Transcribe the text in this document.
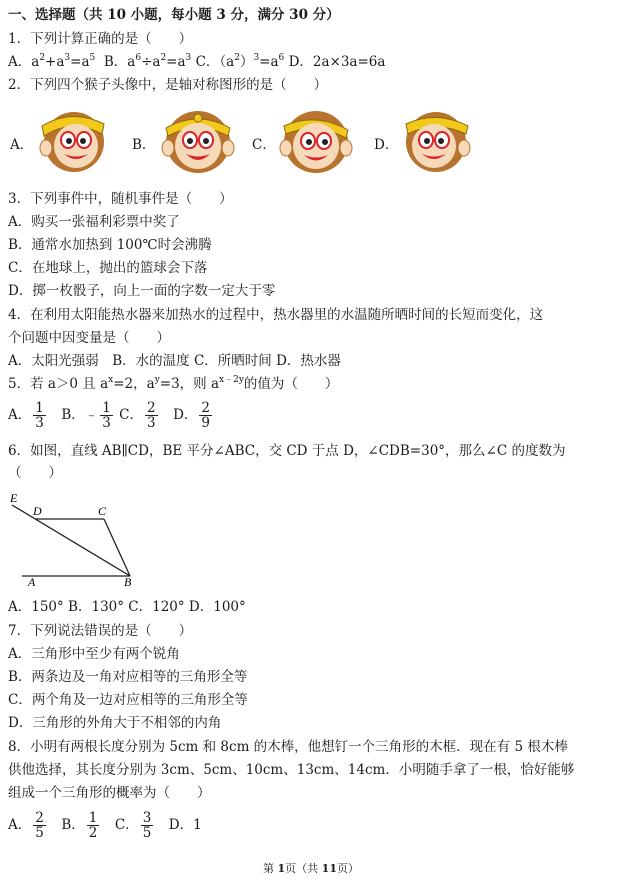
一、选择题（共 10 小题，每小题 3 分，满分 30 分）
1．下列计算正确的是（　　）
A．$a^2+a^3=a^5$  B．$a^6\div a^2=a^3$ C．$(a^2)^3=a^6$ D．2a×3a=6a
2．下列四个猴子头像中，是轴对称图形的是（　　）
A．	B．	C．	D．
3．下列事件中，随机事件是（　　）
A．购买一张福利彩票中奖了
B．通常水加热到 100℃时会沸腾
C．在地球上，抛出的篮球会下落
D．掷一枚骰子，向上一面的字数一定大于零
4．在利用太阳能热水器来加热水的过程中，热水器里的水温随所晒时间的长短而变化，这
个问题中因变量是（　　）
A．太阳光强弱　B．水的温度 C．所晒时间 D．热水器
5．若 a＞0 且 $a^x=2$，$a^y=3$，则 $a^{x﹣2y}$的值为（　　）
A． $\frac{1}{3}$ 　B．﹣ $\frac{1}{3}$ C． $\frac{2}{3}$ 　D． $\frac{2}{9}$
6．如图，直线 AB∥CD，BE 平分∠ABC，交 CD 于点 D，∠CDB=30°，那么∠C 的度数为
（　　）
E
D	C
A	B
A．150° B．130° C．120° D．100°
7．下列说法错误的是（　　）
A．三角形中至少有两个锐角
B．两条边及一角对应相等的三角形全等
C．两个角及一边对应相等的三角形全等
D．三角形的外角大于不相邻的内角
8．小明有两根长度分别为 5cm 和 8cm 的木棒，他想钉一个三角形的木框．现在有 5 根木棒
供他选择，其长度分别为 3cm、5cm、10cm、13cm、14cm．小明随手拿了一根，恰好能够
组成一个三角形的概率为（　　）
A． $\frac{2}{5}$ 　B． $\frac{1}{2}$ 　C． $\frac{3}{5}$ 　D．1
第 1页（共 11页）
